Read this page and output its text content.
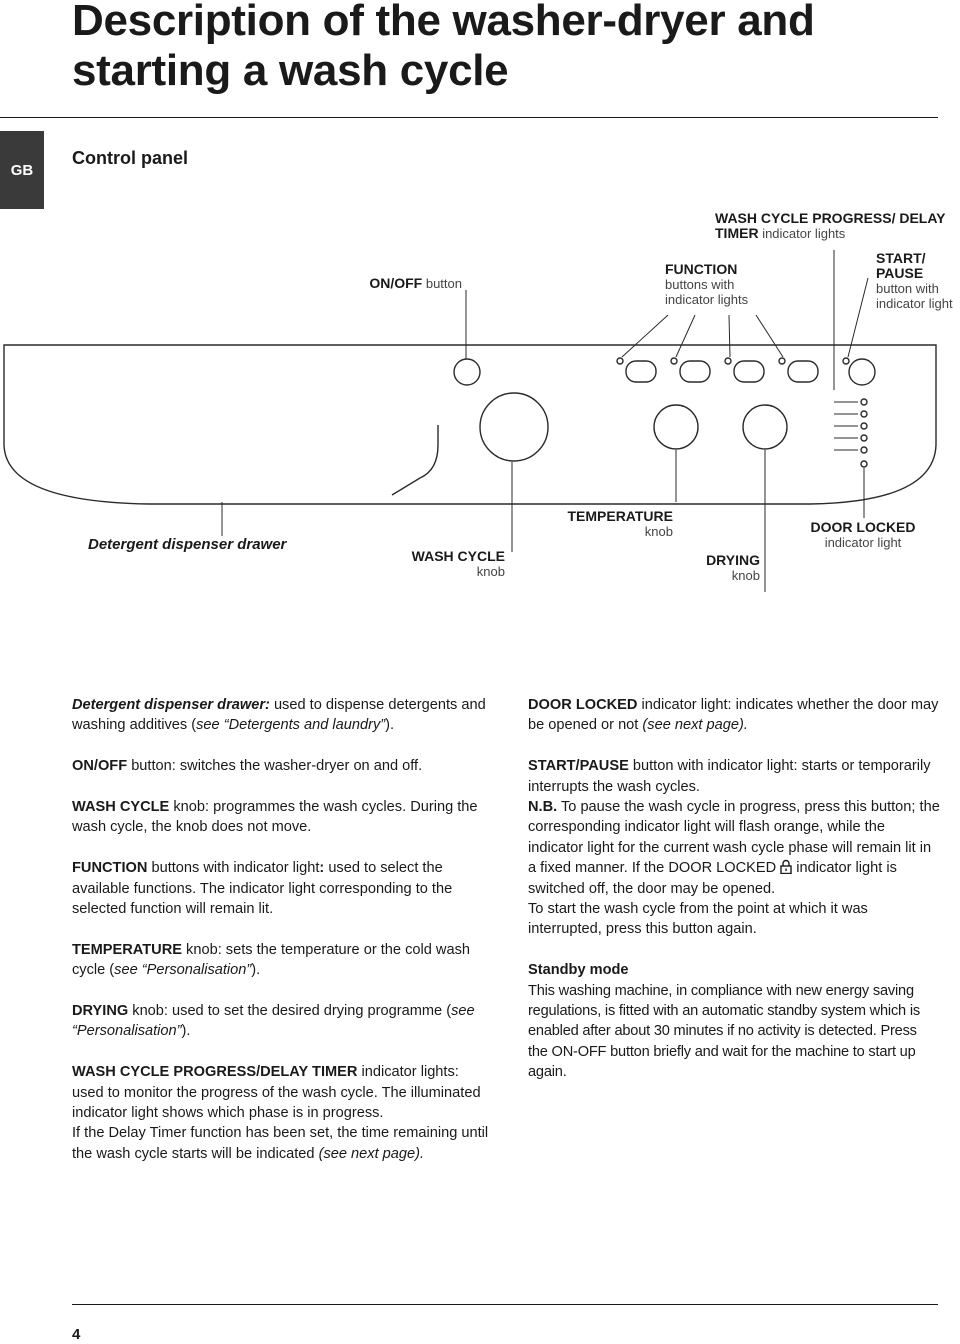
Description of the washer-dryer and starting a wash cycle
GB
Control panel
WASH CYCLE PROGRESS/ DELAY TIMER indicator lights
ON/OFF button
FUNCTION
buttons with indicator lights
START/ PAUSE
button with indicator light
Detergent dispenser drawer
WASH CYCLE
knob
TEMPERATURE
knob
DRYING
knob
DOOR LOCKED
indicator light

Detergent dispenser drawer: used to dispense detergents and washing additives (see “Detergents and laundry”).

ON/OFF button: switches the washer-dryer on and off.

WASH CYCLE knob: programmes the wash cycles. During the wash cycle, the knob does not move.

FUNCTION buttons with indicator light: used to select the available functions. The indicator light corresponding to the selected function will remain lit.

TEMPERATURE knob: sets the temperature or the cold wash cycle (see “Personalisation”).

DRYING knob: used to set the desired drying programme (see “Personalisation”).

WASH CYCLE PROGRESS/DELAY TIMER indicator lights: used to monitor the progress of the wash cycle. The illuminated indicator light shows which phase is in progress.
If the Delay Timer function has been set, the time remaining until the wash cycle starts will be indicated (see next page).

DOOR LOCKED indicator light: indicates whether the door may be opened or not (see next page).

START/PAUSE button with indicator light: starts or temporarily interrupts the wash cycles.

N.B. To pause the wash cycle in progress, press this button; the corresponding indicator light will flash orange, while the indicator light for the current wash cycle phase will remain lit in a fixed manner. If the DOOR LOCKED  indicator light is switched off, the door may be opened.
To start the wash cycle from the point at which it was interrupted, press this button again.

Standby mode
This washing machine, in compliance with new energy saving regulations, is fitted with an automatic standby system which is enabled after about 30 minutes if no activity is detected. Press the ON-OFF button briefly and wait for the machine to start up again.

4
